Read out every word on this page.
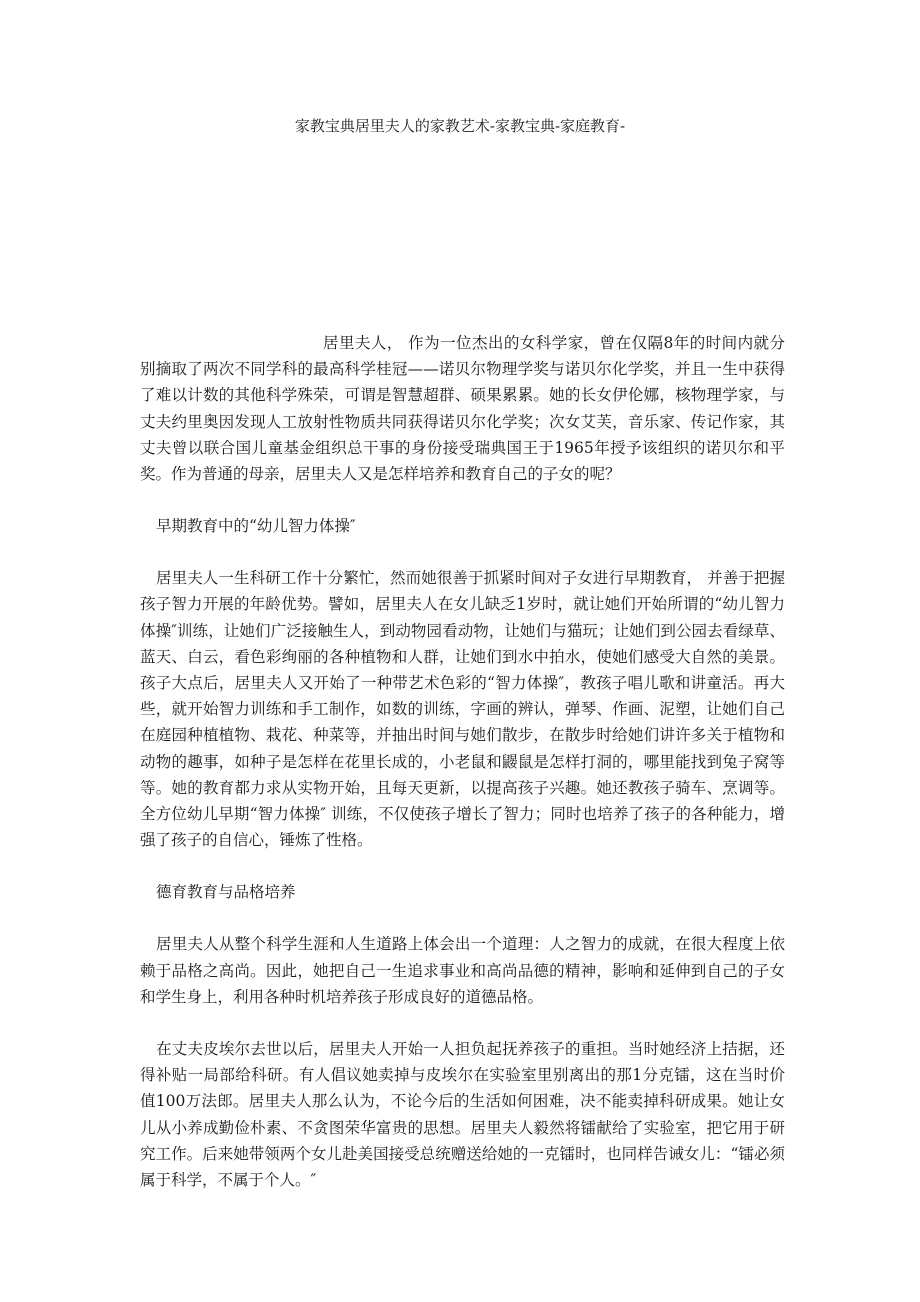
家教宝典居里夫人的家教艺术-家教宝典-家庭教育-

居里夫人， 作为一位杰出的女科学家，曾在仅隔8年的时间内就分别摘取了两次不同学科的最高科学桂冠——诺贝尔物理学奖与诺贝尔化学奖，并且一生中获得了难以计数的其他科学殊荣，可谓是智慧超群、硕果累累。她的长女伊伦娜，核物理学家，与丈夫约里奥因发现人工放射性物质共同获得诺贝尔化学奖；次女艾芙，音乐家、传记作家，其丈夫曾以联合国儿童基金组织总干事的身份接受瑞典国王于1965年授予该组织的诺贝尔和平奖。作为普通的母亲，居里夫人又是怎样培养和教育自己的子女的呢？

早期教育中的“幼儿智力体操″

居里夫人一生科研工作十分繁忙，然而她很善于抓紧时间对子女进行早期教育， 并善于把握孩子智力开展的年龄优势。譬如，居里夫人在女儿缺乏1岁时，就让她们开始所谓的“幼儿智力体操″训练，让她们广泛接触生人，到动物园看动物，让她们与猫玩；让她们到公园去看绿草、蓝天、白云，看色彩绚丽的各种植物和人群，让她们到水中拍水，使她们感受大自然的美景。孩子大点后，居里夫人又开始了一种带艺术色彩的“智力体操″，教孩子唱儿歌和讲童活。再大些，就开始智力训练和手工制作，如数的训练，字画的辨认，弹琴、作画、泥塑，让她们自己在庭园种植植物、栽花、种菜等，并抽出时间与她们散步，在散步时给她们讲许多关于植物和动物的趣事，如种子是怎样在花里长成的，小老鼠和鼹鼠是怎样打洞的，哪里能找到兔子窝等等。她的教育都力求从实物开始，且每天更新，以提高孩子兴趣。她还教孩子骑车、烹调等。全方位幼儿早期“智力体操″ 训练，不仅使孩子增长了智力；同时也培养了孩子的各种能力，增强了孩子的自信心，锤炼了性格。

德育教育与品格培养

居里夫人从整个科学生涯和人生道路上体会出一个道理：人之智力的成就，在很大程度上依赖于品格之高尚。因此，她把自己一生追求事业和高尚品德的精神，影响和延伸到自己的子女和学生身上，利用各种时机培养孩子形成良好的道德品格。

在丈夫皮埃尔去世以后，居里夫人开始一人担负起抚养孩子的重担。当时她经济上拮据，还得补贴一局部给科研。有人倡议她卖掉与皮埃尔在实验室里别离出的那1分克镭，这在当时价值100万法郎。居里夫人那么认为，不论今后的生活如何困难，决不能卖掉科研成果。她让女儿从小养成勤俭朴素、不贪图荣华富贵的思想。居里夫人毅然将镭献给了实验室，把它用于研究工作。后来她带领两个女儿赴美国接受总统赠送给她的一克镭时，也同样告诫女儿：“镭必须属于科学，不属于个人。″
